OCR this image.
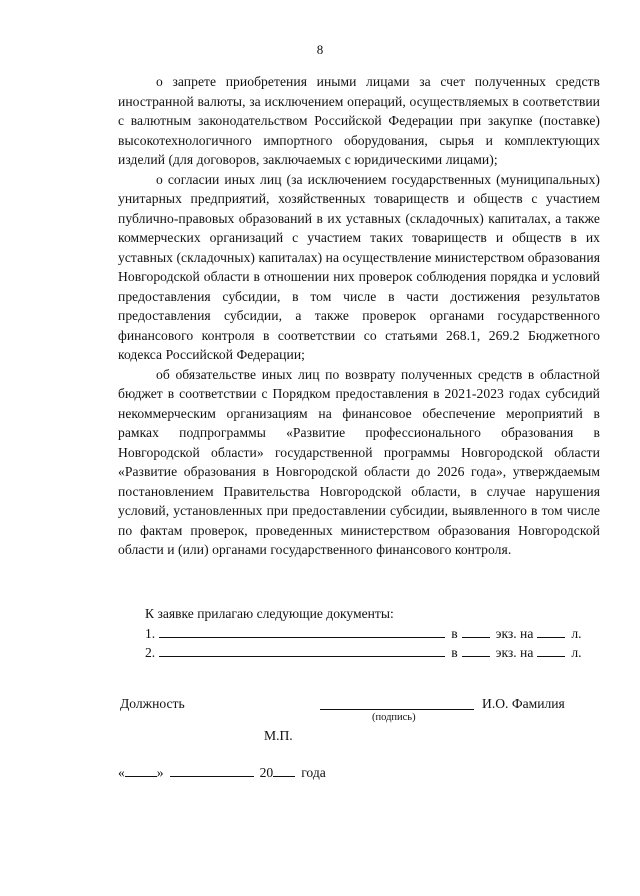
8

о запрете приобретения иными лицами за счет полученных средств иностранной валюты, за исключением операций, осуществляемых в соответствии с валютным законодательством Российской Федерации при закупке (поставке) высокотехнологичного импортного оборудования, сырья и комплектующих изделий (для договоров, заключаемых с юридическими лицами);

о согласии иных лиц (за исключением государственных (муниципальных) унитарных предприятий, хозяйственных товариществ и обществ с участием публично-правовых образований в их уставных (складочных) капиталах, а также коммерческих организаций с участием таких товариществ и обществ в их уставных (складочных) капиталах) на осуществление министерством образования Новгородской области в отношении них проверок соблюдения порядка и условий предоставления субсидии, в том числе в части достижения результатов предоставления субсидии, а также проверок органами государственного финансового контроля в соответствии со статьями 268.1, 269.2 Бюджетного кодекса Российской Федерации;

об обязательстве иных лиц по возврату полученных средств в областной бюджет в соответствии с Порядком предоставления в 2021-2023 годах субсидий некоммерческим организациям на финансовое обеспечение мероприятий в рамках подпрограммы «Развитие профессионального образования в Новгородской области» государственной программы Новгородской области «Развитие образования в Новгородской области до 2026 года», утверждаемым постановлением Правительства Новгородской области, в случае нарушения условий, установленных при предоставлении субсидии, выявленного в том числе по фактам проверок, проведенных министерством образования Новгородской области и (или) органами государственного финансового контроля.

К заявке прилагаю следующие документы:
1.	в	экз. на	л.
2.	в	экз. на	л.
Должность	И.О. Фамилия
(подпись)
М.П.
« »	20 года
